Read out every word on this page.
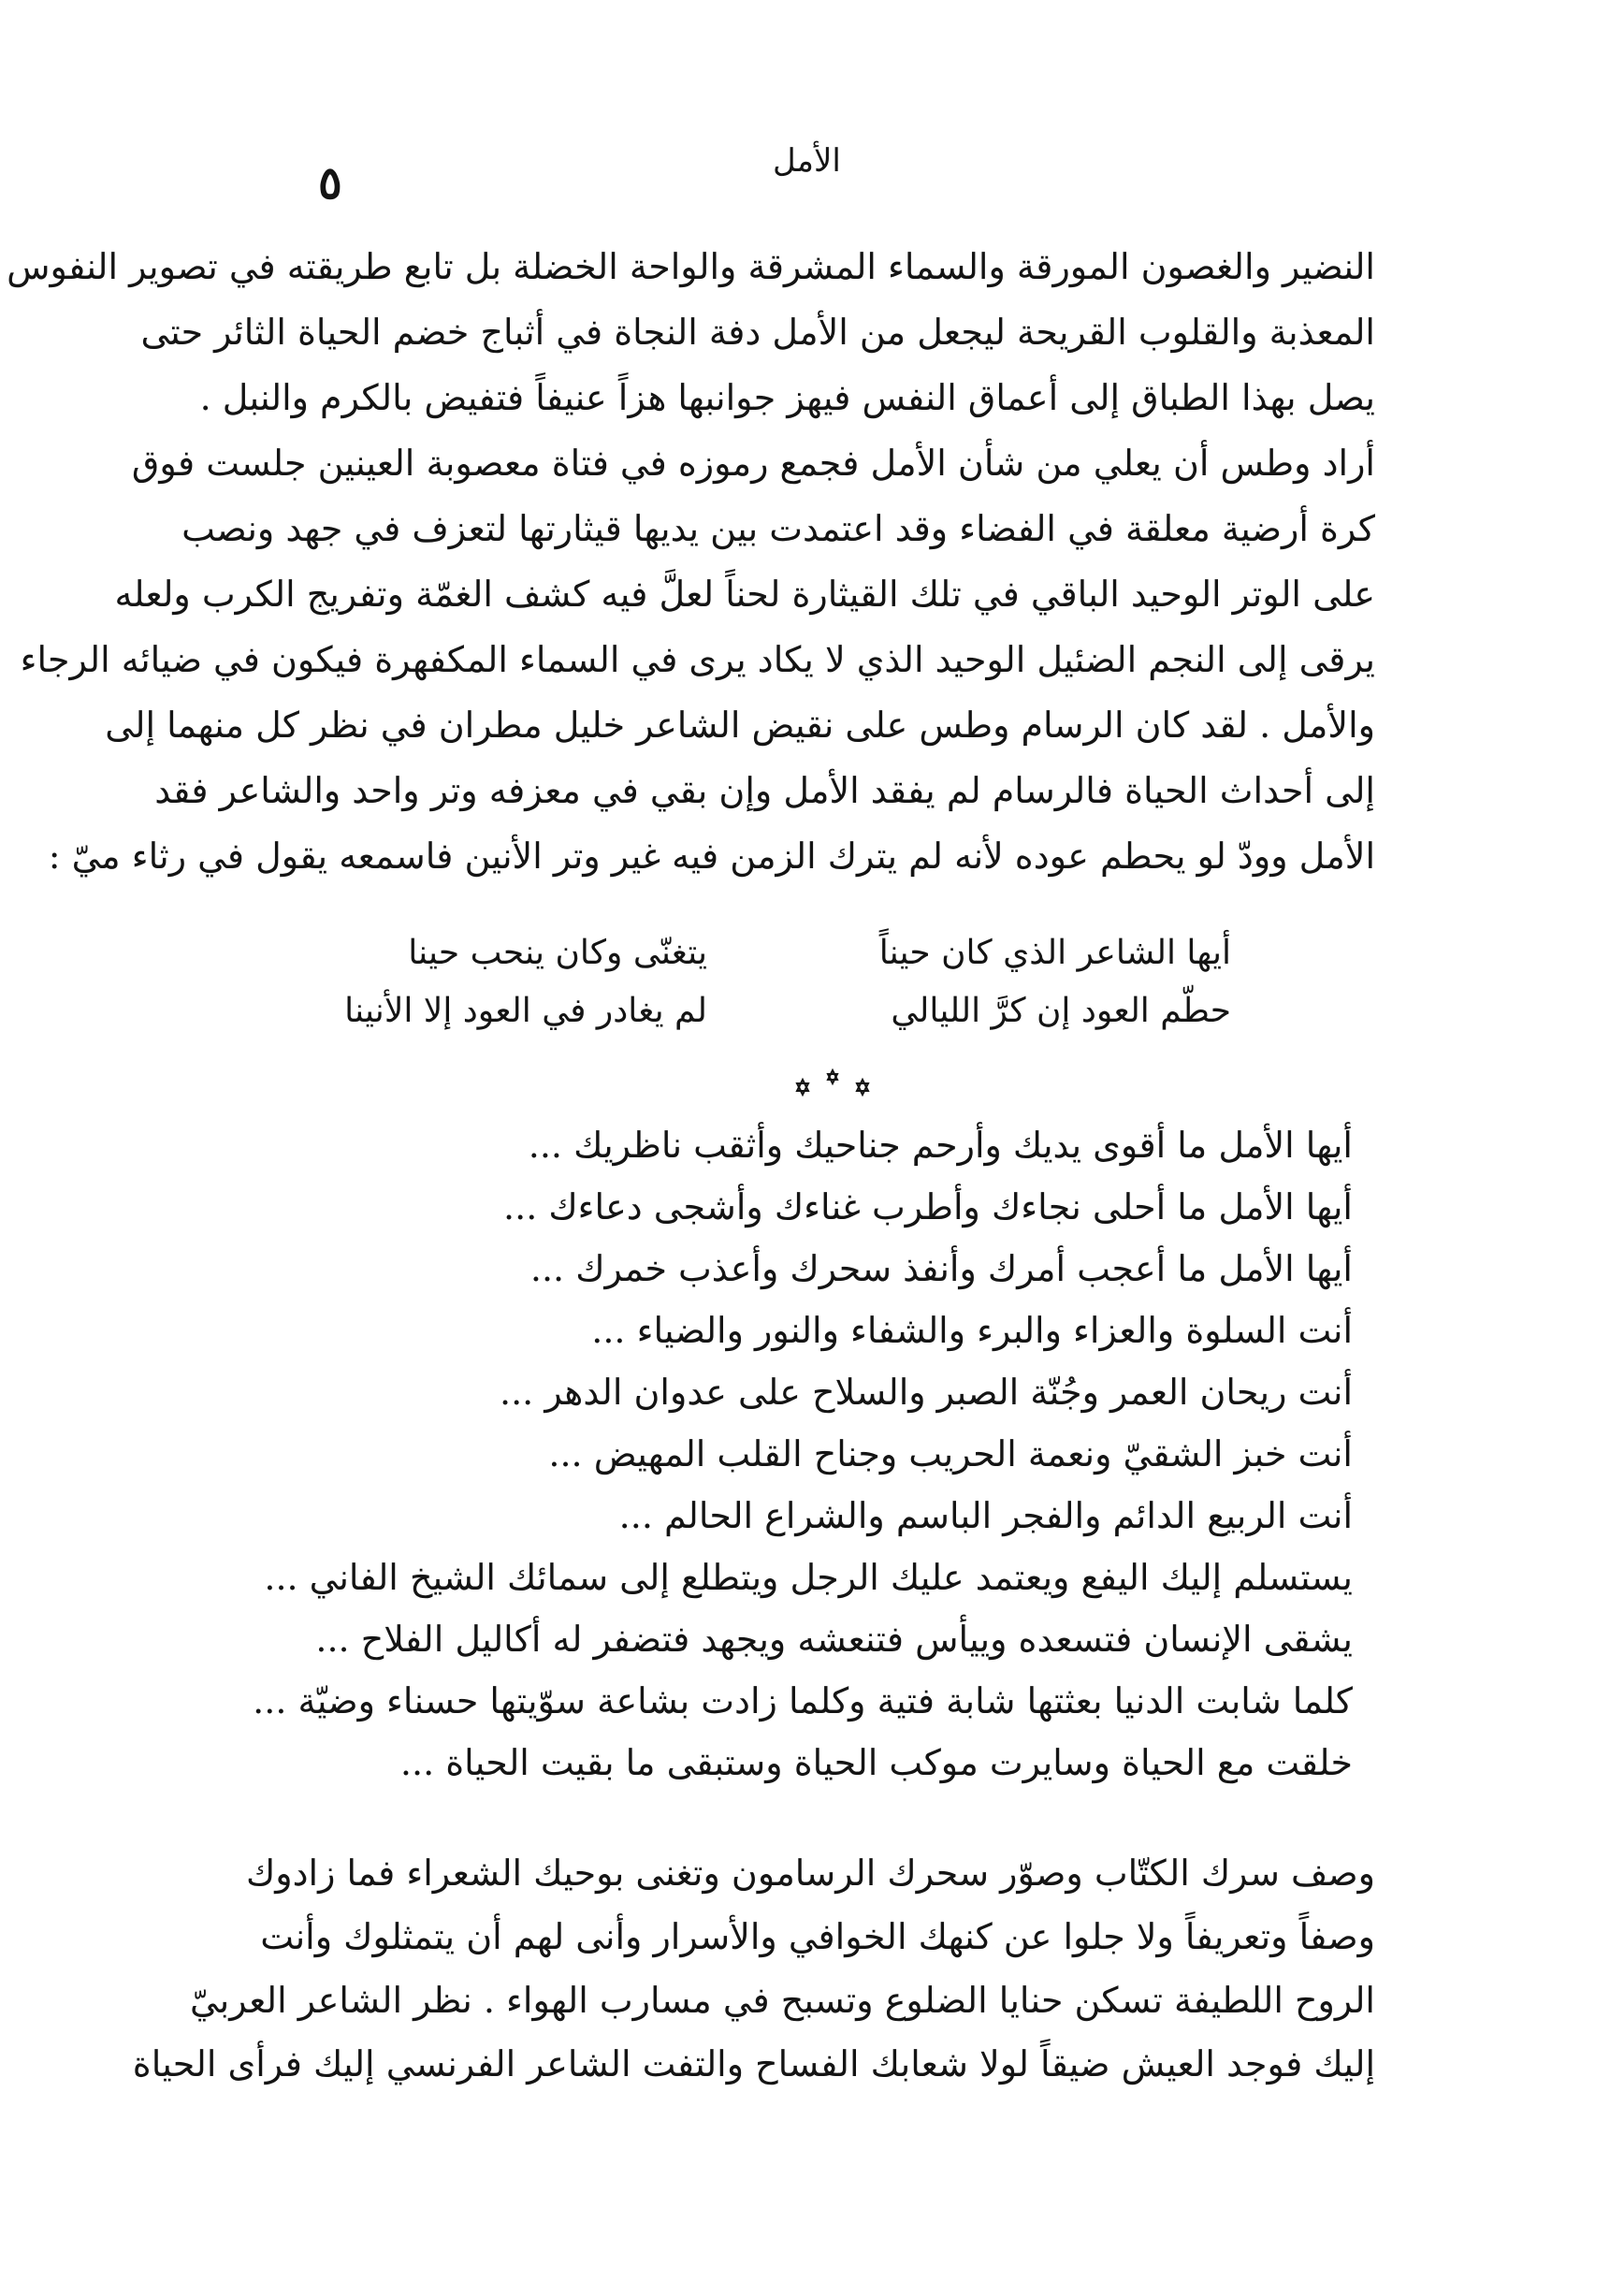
الأمل
٥
النضير والغصون المورقة والسماء المشرقة والواحة الخضلة بل تابع طريقته في تصوير النفوس
المعذبة والقلوب القريحة ليجعل من الأمل دفة النجاة في أثباج خضم الحياة الثائر حتى
يصل بهذا الطباق إلى أعماق النفس فيهز جوانبها هزاً عنيفاً فتفيض بالكرم والنبل .
أراد وطس أن يعلي من شأن الأمل فجمع رموزه في فتاة معصوبة العينين جلست فوق
كرة أرضية معلقة في الفضاء وقد اعتمدت بين يديها قيثارتها لتعزف في جهد ونصب
على الوتر الوحيد الباقي في تلك القيثارة لحناً لعلَّ فيه كشف الغمّة وتفريج الكرب ولعله
يرقى إلى النجم الضئيل الوحيد الذي لا يكاد يرى في السماء المكفهرة فيكون في ضيائه الرجاء
والأمل . لقد كان الرسام وطس على نقيض الشاعر خليل مطران في نظر كل منهما إلى
إلى أحداث الحياة فالرسام لم يفقد الأمل وإن بقي في معزفه وتر واحد والشاعر فقد
الأمل وودّ لو يحطم عوده لأنه لم يترك الزمن فيه غير وتر الأنين فاسمعه يقول في رثاء ميّ :
أيها الشاعر الذي كان حيناً
يتغنّى وكان ينحب حينا
حطّم العود إن كرَّ الليالي
لم يغادر في العود إلا الأنينا
أيها الأمل ما أقوى يديك وأرحم جناحيك وأثقب ناظريك ...
أيها الأمل ما أحلى نجاءك وأطرب غناءك وأشجى دعاءك ...
أيها الأمل ما أعجب أمرك وأنفذ سحرك وأعذب خمرك ...
أنت السلوة والعزاء والبرء والشفاء والنور والضياء ...
أنت ريحان العمر وجُنّة الصبر والسلاح على عدوان الدهر ...
أنت خبز الشقيّ ونعمة الحريب وجناح القلب المهيض ...
أنت الربيع الدائم والفجر الباسم والشراع الحالم ...
يستسلم إليك اليفع ويعتمد عليك الرجل ويتطلع إلى سمائك الشيخ الفاني ...
يشقى الإنسان فتسعده وييأس فتنعشه ويجهد فتضفر له أكاليل الفلاح ...
كلما شابت الدنيا بعثتها شابة فتية وكلما زادت بشاعة سوّيتها حسناء وضيّة ...
خلقت مع الحياة وسايرت موكب الحياة وستبقى ما بقيت الحياة ...
وصف سرك الكتّاب وصوّر سحرك الرسامون وتغنى بوحيك الشعراء فما زادوك
وصفاً وتعريفاً ولا جلوا عن كنهك الخوافي والأسرار وأنى لهم أن يتمثلوك وأنت
الروح اللطيفة تسكن حنايا الضلوع وتسبح في مسارب الهواء . نظر الشاعر العربيّ
إليك فوجد العيش ضيقاً لولا شعابك الفساح والتفت الشاعر الفرنسي إليك فرأى الحياة
